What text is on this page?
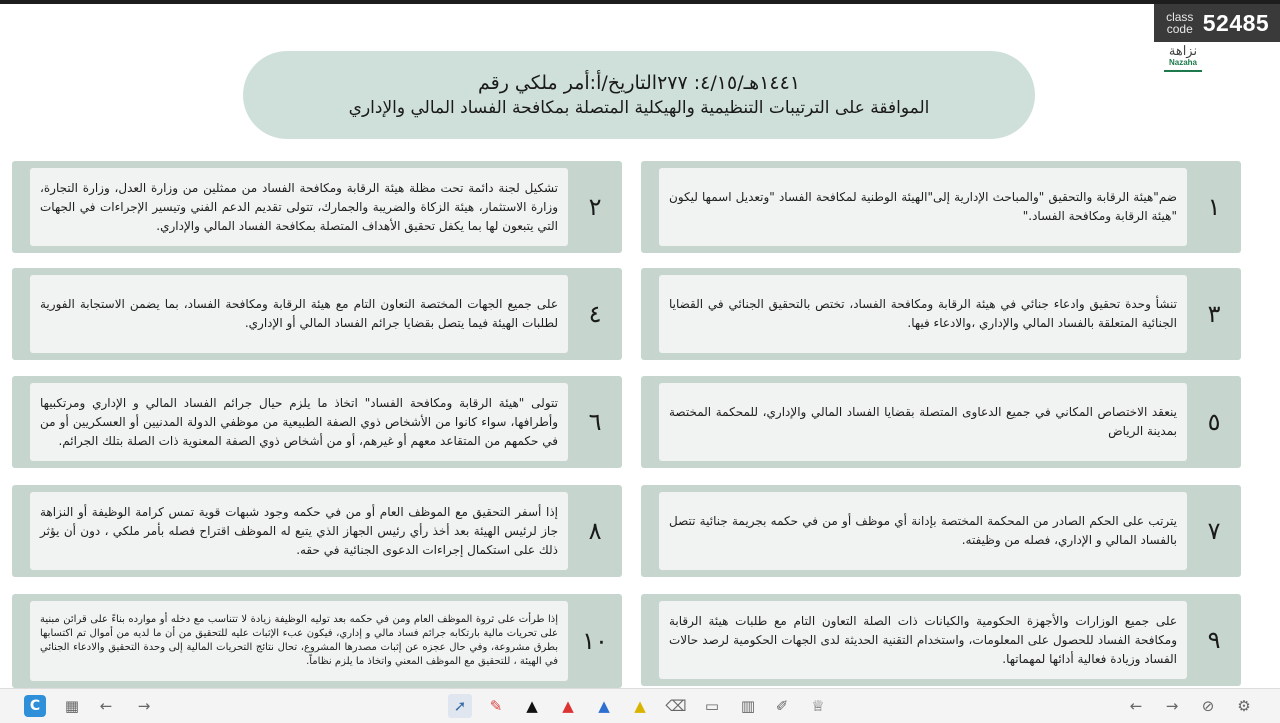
class code 52485
نزاهة
Nazaha
١٤٤١هـ/٤/١٥: ٢٧٧التاريخ/أ:أمر ملكي رقم
الموافقة على الترتيبات التنظيمية والهيكلية المتصلة بمكافحة الفساد المالي والإداري
١
ضم"هيئة الرقابة والتحقيق "والمباحث الإدارية إلى"الهيئة الوطنية لمكافحة الفساد "وتعديل اسمها ليكون "هيئة الرقابة ومكافحة الفساد."
٢
تشكيل لجنة دائمة تحت مظلة هيئة الرقابة ومكافحة الفساد من ممثلين من وزارة العدل، وزارة التجارة، وزارة الاستثمار، هيئة الزكاة والضريبة والجمارك، تتولى تقديم الدعم الفني وتيسير الإجراءات في الجهات التي يتبعون لها بما يكفل تحقيق الأهداف المتصلة بمكافحة الفساد المالي والإداري.
٣
تنشأ وحدة تحقيق وادعاء جنائي في هيئة الرقابة ومكافحة الفساد، تختص بالتحقيق الجنائي في القضايا الجنائية المتعلقة بالفساد المالي والإداري ،والادعاء فيها.
٤
على جميع الجهات المختصة التعاون التام مع هيئة الرقابة ومكافحة الفساد، بما يضمن الاستجابة الفورية لطلبات الهيئة فيما يتصل بقضايا جرائم الفساد المالي أو الإداري.
٥
ينعقد الاختصاص المكاني في جميع الدعاوى المتصلة بقضايا الفساد المالي والإداري، للمحكمة المختصة بمدينة الرياض
٦
تتولى "هيئة الرقابة ومكافحة الفساد" اتخاذ ما يلزم حيال جرائم الفساد المالي و الإداري ومرتكبيها وأطرافها، سواء كانوا من الأشخاص ذوي الصفة الطبيعية من موظفي الدولة المدنيين أو العسكريين أو من في حكمهم من المتقاعد معهم أو غيرهم، أو من أشخاص ذوي الصفة المعنوية ذات الصلة بتلك الجرائم.
٧
يترتب على الحكم الصادر من المحكمة المختصة بإدانة أي موظف أو من في حكمه بجريمة جنائية تتصل بالفساد المالي و الإداري، فصله من وظيفته.
٨
إذا أسفر التحقيق مع الموظف العام أو من في حكمه وجود شبهات قوية تمس كرامة الوظيفة أو النزاهة جاز لرئيس الهيئة بعد أخذ رأي رئيس الجهاز الذي يتبع له الموظف اقتراح فصله بأمر ملكي ، دون أن يؤثر ذلك على استكمال إجراءات الدعوى الجنائية في حقه.
٩
على جميع الوزارات والأجهزة الحكومية والكيانات ذات الصلة التعاون التام مع طلبات هيئة الرقابة ومكافحة الفساد للحصول على المعلومات، واستخدام التقنية الحديثة لدى الجهات الحكومية لرصد حالات الفساد وزيادة فعالية أدائها لمهماتها.
١٠
إذا طرأت على ثروة الموظف العام ومن في حكمه بعد توليه الوظيفة زيادة لا تتناسب مع دخله أو موارده بناءً على قرائن مبنية على تحريات مالية بارتكابه جرائم فساد مالي و إداري، فيكون عبء الإثبات عليه للتحقيق من أن ما لديه من أموال تم اكتسابها بطرق مشروعة، وفي حال عجزه عن إثبات مصدرها المشروع، تحال نتائج التحريات المالية إلى وحدة التحقيق والادعاء الجنائي في الهيئة ، للتحقيق مع الموظف المعني واتخاذ ما يلزم نظاماً.
C	▦	←	→	➚	✎ ▲ ▲ ▲ ▲ ⌫	▭	▥	✐	♕	←	→	⊘	⚙
